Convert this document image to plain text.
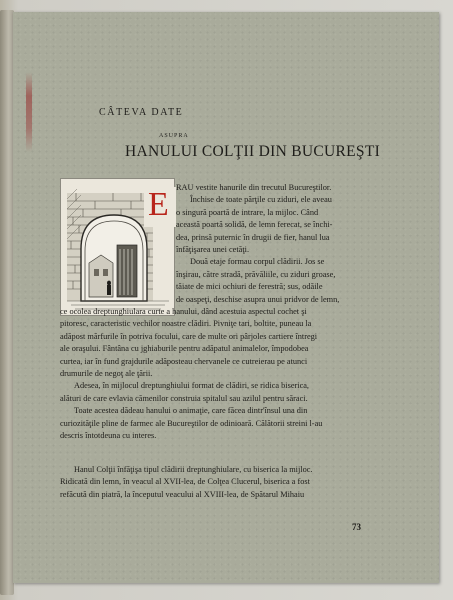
CÂTEVA DATE
ASUPRA
HANULUI COLŢII DIN BUCUREŞTI
E RAU vestite hanurile din trecutul Bucureştilor.
Închise de toate părţile cu ziduri, ele aveau
o singură poartă de intrare, la mijloc. Când
această poartă solidă, de lemn ferecat, se închi-
dea, prinsă puternic în drugii de fier, hanul lua
înfăţişarea unei cetăţi.
Două etaje formau corpul clădirii. Jos se
înşirau, către stradă, prăvăliile, cu ziduri groase,
tăiate de mici ochiuri de ferestră; sus, odăile
de oaspeţi, deschise asupra unui pridvor de lemn,
ce ocolea dreptunghiulara curte a hanului, dând acestuia aspectul cochet şi
pitoresc, caracteristic vechilor noastre clădiri. Pivniţe tari, boltite, puneau la
adăpost mărfurile în potriva focului, care de multe ori pârjoles cartiere întregi
ale oraşului. Fântâna cu jghiaburile pentru adăpatul animalelor, împodobea
curtea, iar în fund grajdurile adăposteau chervanele ce cutreierau pe atunci
drumurile de negoţ ale ţării.
Adesea, în mijlocul dreptunghiului format de clădiri, se ridica biserica,
alături de care evlavia cămenilor construia spitalul sau azilul pentru săraci.
Toate acestea dădeau hanului o animaţie, care făcea dintr'însul una din
curiozităţile pline de farmec ale Bucureştilor de odinioară. Călătorii streini l-au
descris întotdeuna cu interes.
Hanul Colţii înfăţişa tipul clădirii dreptunghiulare, cu biserica la mijloc.
Ridicată din lemn, în veacul al XVII-lea, de Colţea Clucerul, biserica a fost
refăcută din piatră, la începutul veacului al XVIII-lea, de Spătarul Mihaiu
73
